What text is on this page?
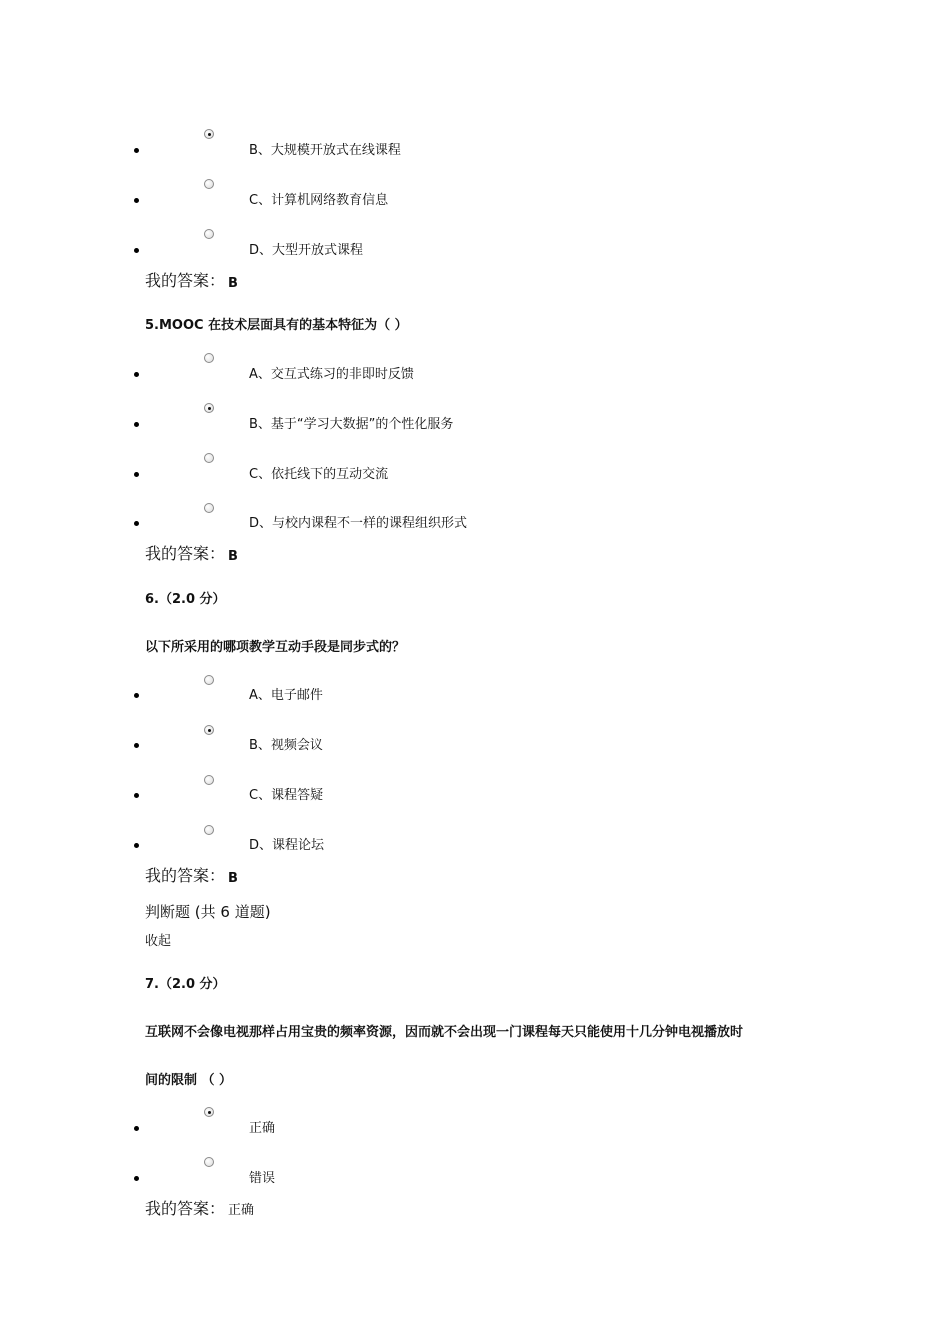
B、大规模开放式在线课程
C、计算机网络教育信息
D、大型开放式课程
我的答案： B
5.MOOC 在技术层面具有的基本特征为（ ）
A、交互式练习的非即时反馈
B、基于“学习大数据”的个性化服务
C、依托线下的互动交流
D、与校内课程不一样的课程组织形式
我的答案： B
6.（2.0 分）
以下所采用的哪项教学互动手段是同步式的？
A、电子邮件
B、视频会议
C、课程答疑
D、课程论坛
我的答案： B
判断题 (共 6 道题)
收起
7.（2.0 分）
互联网不会像电视那样占用宝贵的频率资源，因而就不会出现一门课程每天只能使用十几分钟电视播放时
间的限制 （ ）
正确
错误
我的答案： 正确
